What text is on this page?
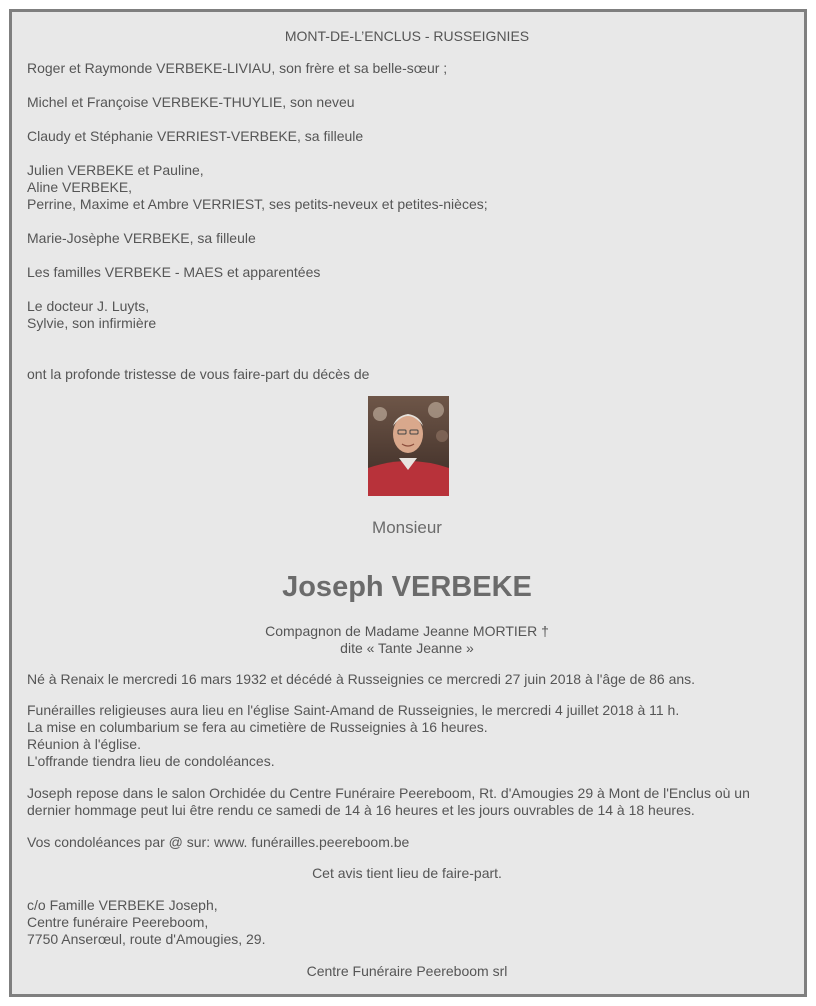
MONT-DE-L’ENCLUS - RUSSEIGNIES

Roger et Raymonde VERBEKE-LIVIAU, son frère et sa belle-sœur ;

Michel et Françoise VERBEKE-THUYLIE, son neveu

Claudy et Stéphanie VERRIEST-VERBEKE, sa filleule

Julien VERBEKE et Pauline,
Aline VERBEKE,
Perrine, Maxime et Ambre VERRIEST, ses petits-neveux et petites-nièces;

Marie-Josèphe VERBEKE, sa filleule

Les familles VERBEKE - MAES et apparentées

Le docteur J. Luyts,
Sylvie, son infirmière

ont la profonde tristesse de vous faire-part du décès de

Monsieur

Joseph VERBEKE

Compagnon de Madame Jeanne MORTIER †
dite « Tante Jeanne »

Né à Renaix le mercredi 16 mars 1932 et décédé à Russeignies ce mercredi 27 juin 2018 à l'âge de 86 ans.

Funérailles religieuses aura lieu en l'église Saint-Amand de Russeignies, le mercredi 4 juillet 2018 à 11 h.
La mise en columbarium se fera au cimetière de Russeignies à 16 heures.
Réunion à l'église.
L'offrande tiendra lieu de condoléances.

Joseph repose dans le salon Orchidée du Centre Funéraire Peereboom, Rt. d'Amougies 29 à Mont de l'Enclus où un dernier hommage peut lui être rendu ce samedi de 14 à 16 heures et les jours ouvrables de 14 à 18 heures.

Vos condoléances par @ sur: www. funérailles.peereboom.be

Cet avis tient lieu de faire-part.

c/o Famille VERBEKE Joseph,
Centre funéraire Peereboom,
7750 Anserœul, route d'Amougies, 29.

Centre Funéraire Peereboom srl
